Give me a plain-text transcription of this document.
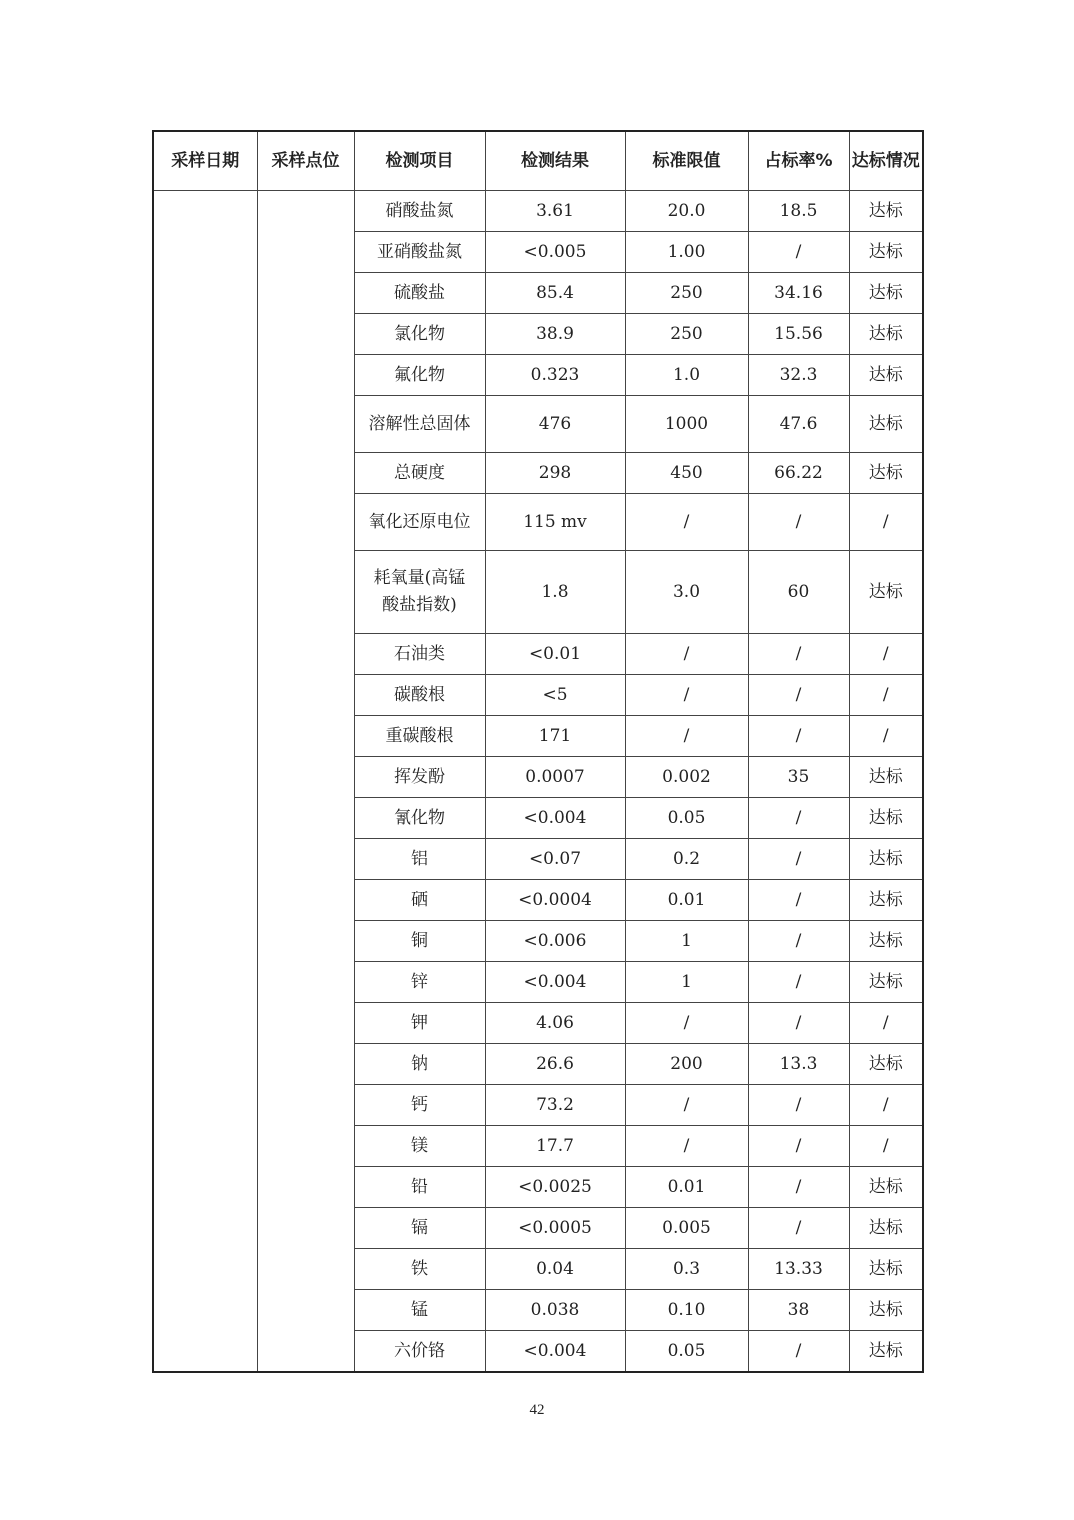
采样日期	采样点位	检测项目	检测结果	标准限值	占标率%	达标情况
		硝酸盐氮	3.61	20.0	18.5	达标
		亚硝酸盐氮	<0.005	1.00	/	达标
		硫酸盐	85.4	250	34.16	达标
		氯化物	38.9	250	15.56	达标
		氟化物	0.323	1.0	32.3	达标
		溶解性总固体	476	1000	47.6	达标
		总硬度	298	450	66.22	达标
		氧化还原电位	115 mv	/	/	/
		耗氧量(高锰酸盐指数)	1.8	3.0	60	达标
		石油类	<0.01	/	/	/
		碳酸根	<5	/	/	/
		重碳酸根	171	/	/	/
		挥发酚	0.0007	0.002	35	达标
		氰化物	<0.004	0.05	/	达标
		铝	<0.07	0.2	/	达标
		硒	<0.0004	0.01	/	达标
		铜	<0.006	1	/	达标
		锌	<0.004	1	/	达标
		钾	4.06	/	/	/
		钠	26.6	200	13.3	达标
		钙	73.2	/	/	/
		镁	17.7	/	/	/
		铅	<0.0025	0.01	/	达标
		镉	<0.0005	0.005	/	达标
		铁	0.04	0.3	13.33	达标
		锰	0.038	0.10	38	达标
		六价铬	<0.004	0.05	/	达标
42
